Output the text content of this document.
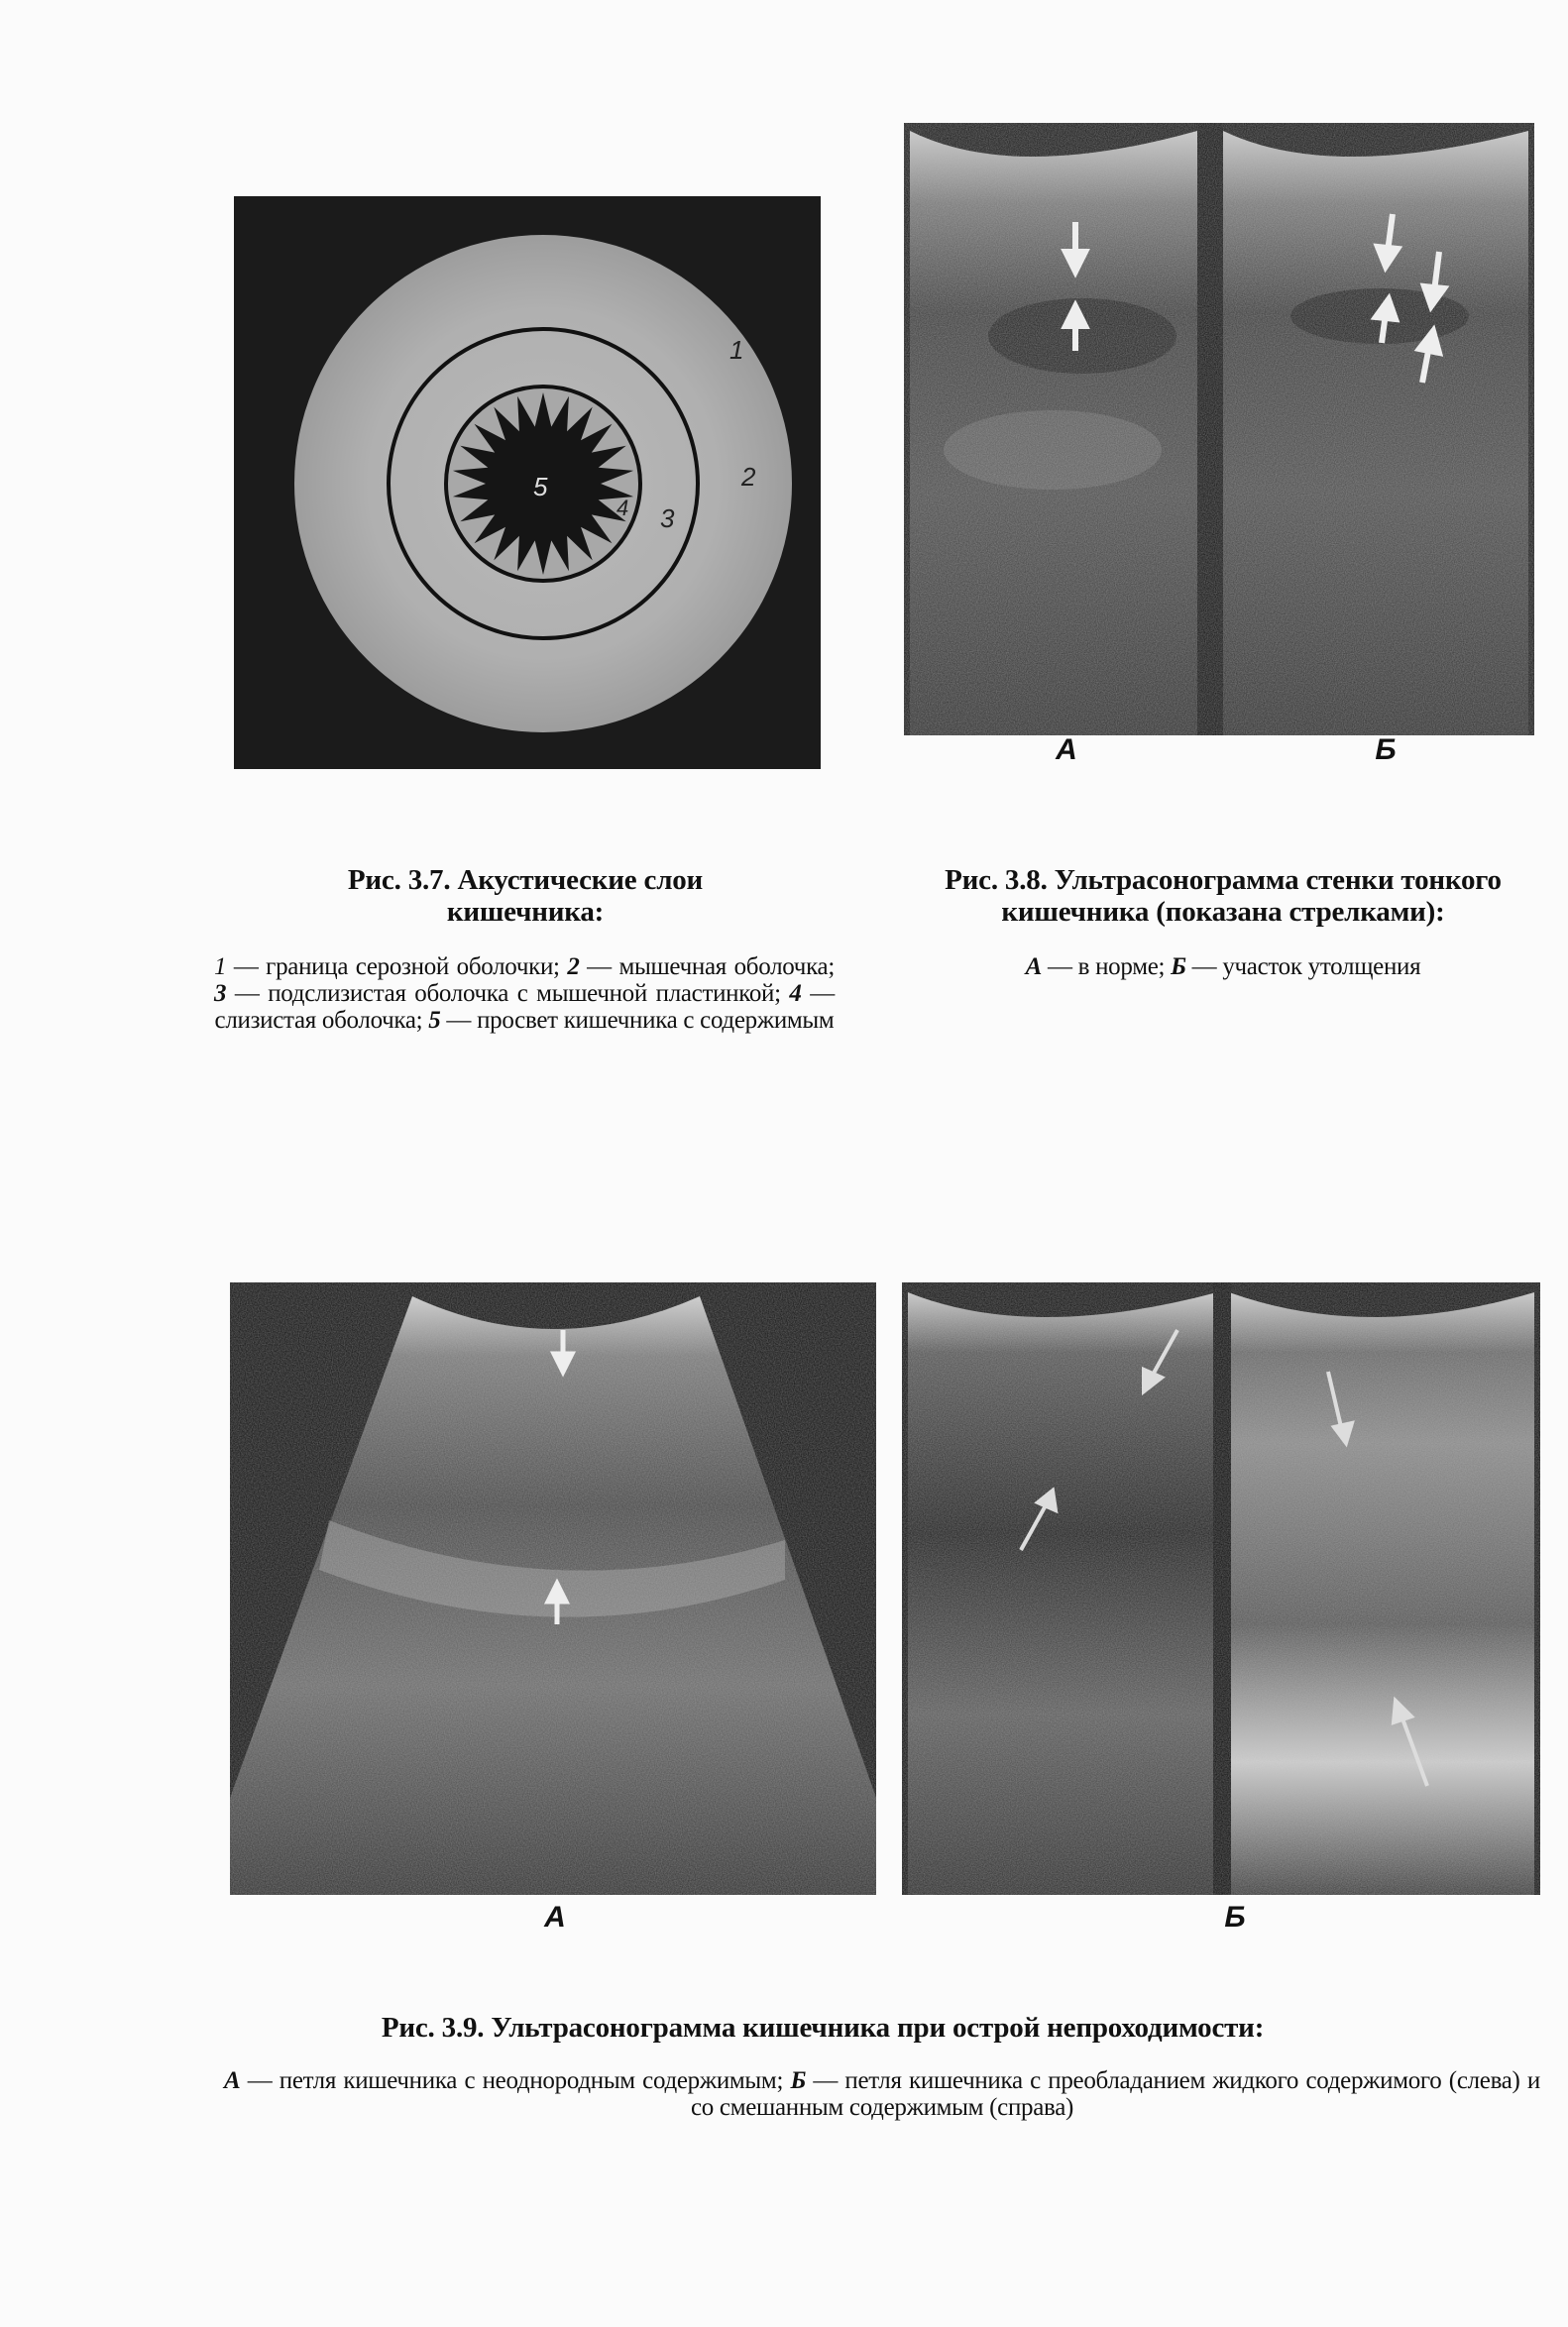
1
2
3
4
5
А	Б
Рис. 3.7. Акустические слои кишечника:
1 — граница серозной оболочки; 2 — мышечная оболочка; 3 — подслизистая оболочка с мышечной пластинкой; 4 — слизистая оболочка; 5 — просвет кишечника с содержимым
Рис. 3.8. Ультрасонограмма стенки тонкого кишечника (показана стрелками):
А — в норме; Б — участок утолщения
А	Б
Рис. 3.9. Ультрасонограмма кишечника при острой непроходимости:
А — петля кишечника с неоднородным содержимым; Б — петля кишечника с преобладанием жидкого содержимого (слева) и со смешанным содержимым (справа)
